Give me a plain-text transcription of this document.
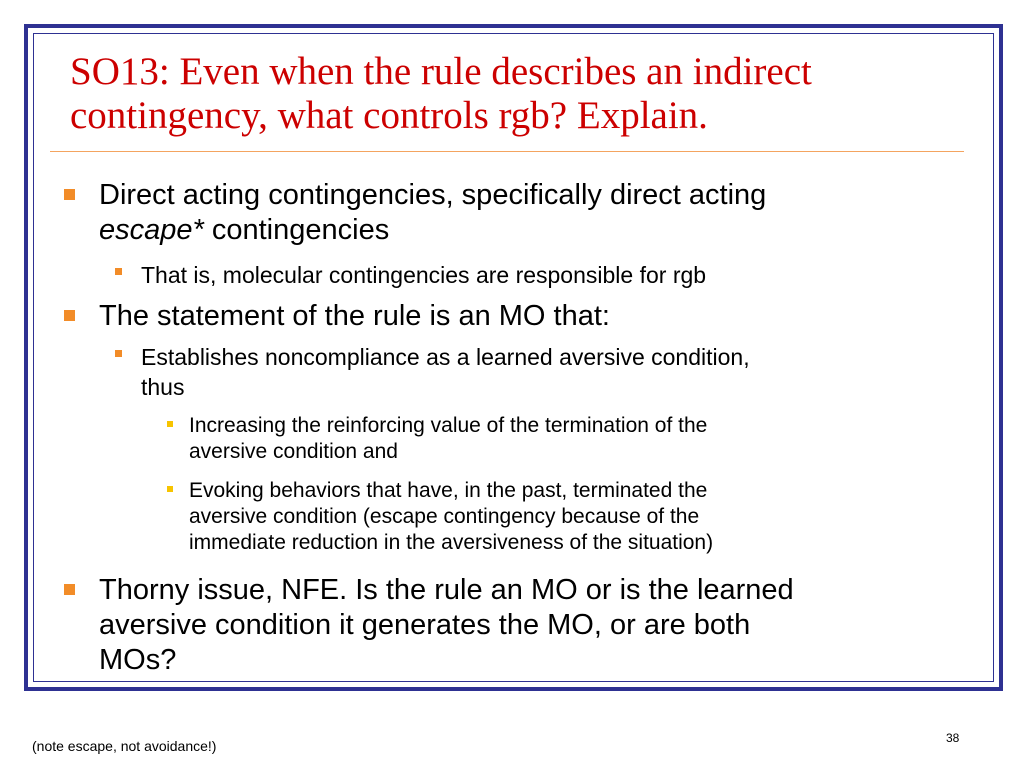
SO13: Even when the rule describes an indirect
contingency, what controls rgb? Explain.
Direct acting contingencies, specifically direct acting
escape* contingencies
That is, molecular contingencies are responsible for rgb
The statement of the rule is an MO that:
Establishes noncompliance as a learned aversive condition,
thus
Increasing the reinforcing value of the termination of the
aversive condition and
Evoking behaviors that have, in the past, terminated the
aversive condition (escape contingency because of the
immediate reduction in the aversiveness of the situation)
Thorny issue, NFE. Is the rule an MO or is the learned
aversive condition it generates the MO, or are both
MOs?
(note escape, not avoidance!)	38
